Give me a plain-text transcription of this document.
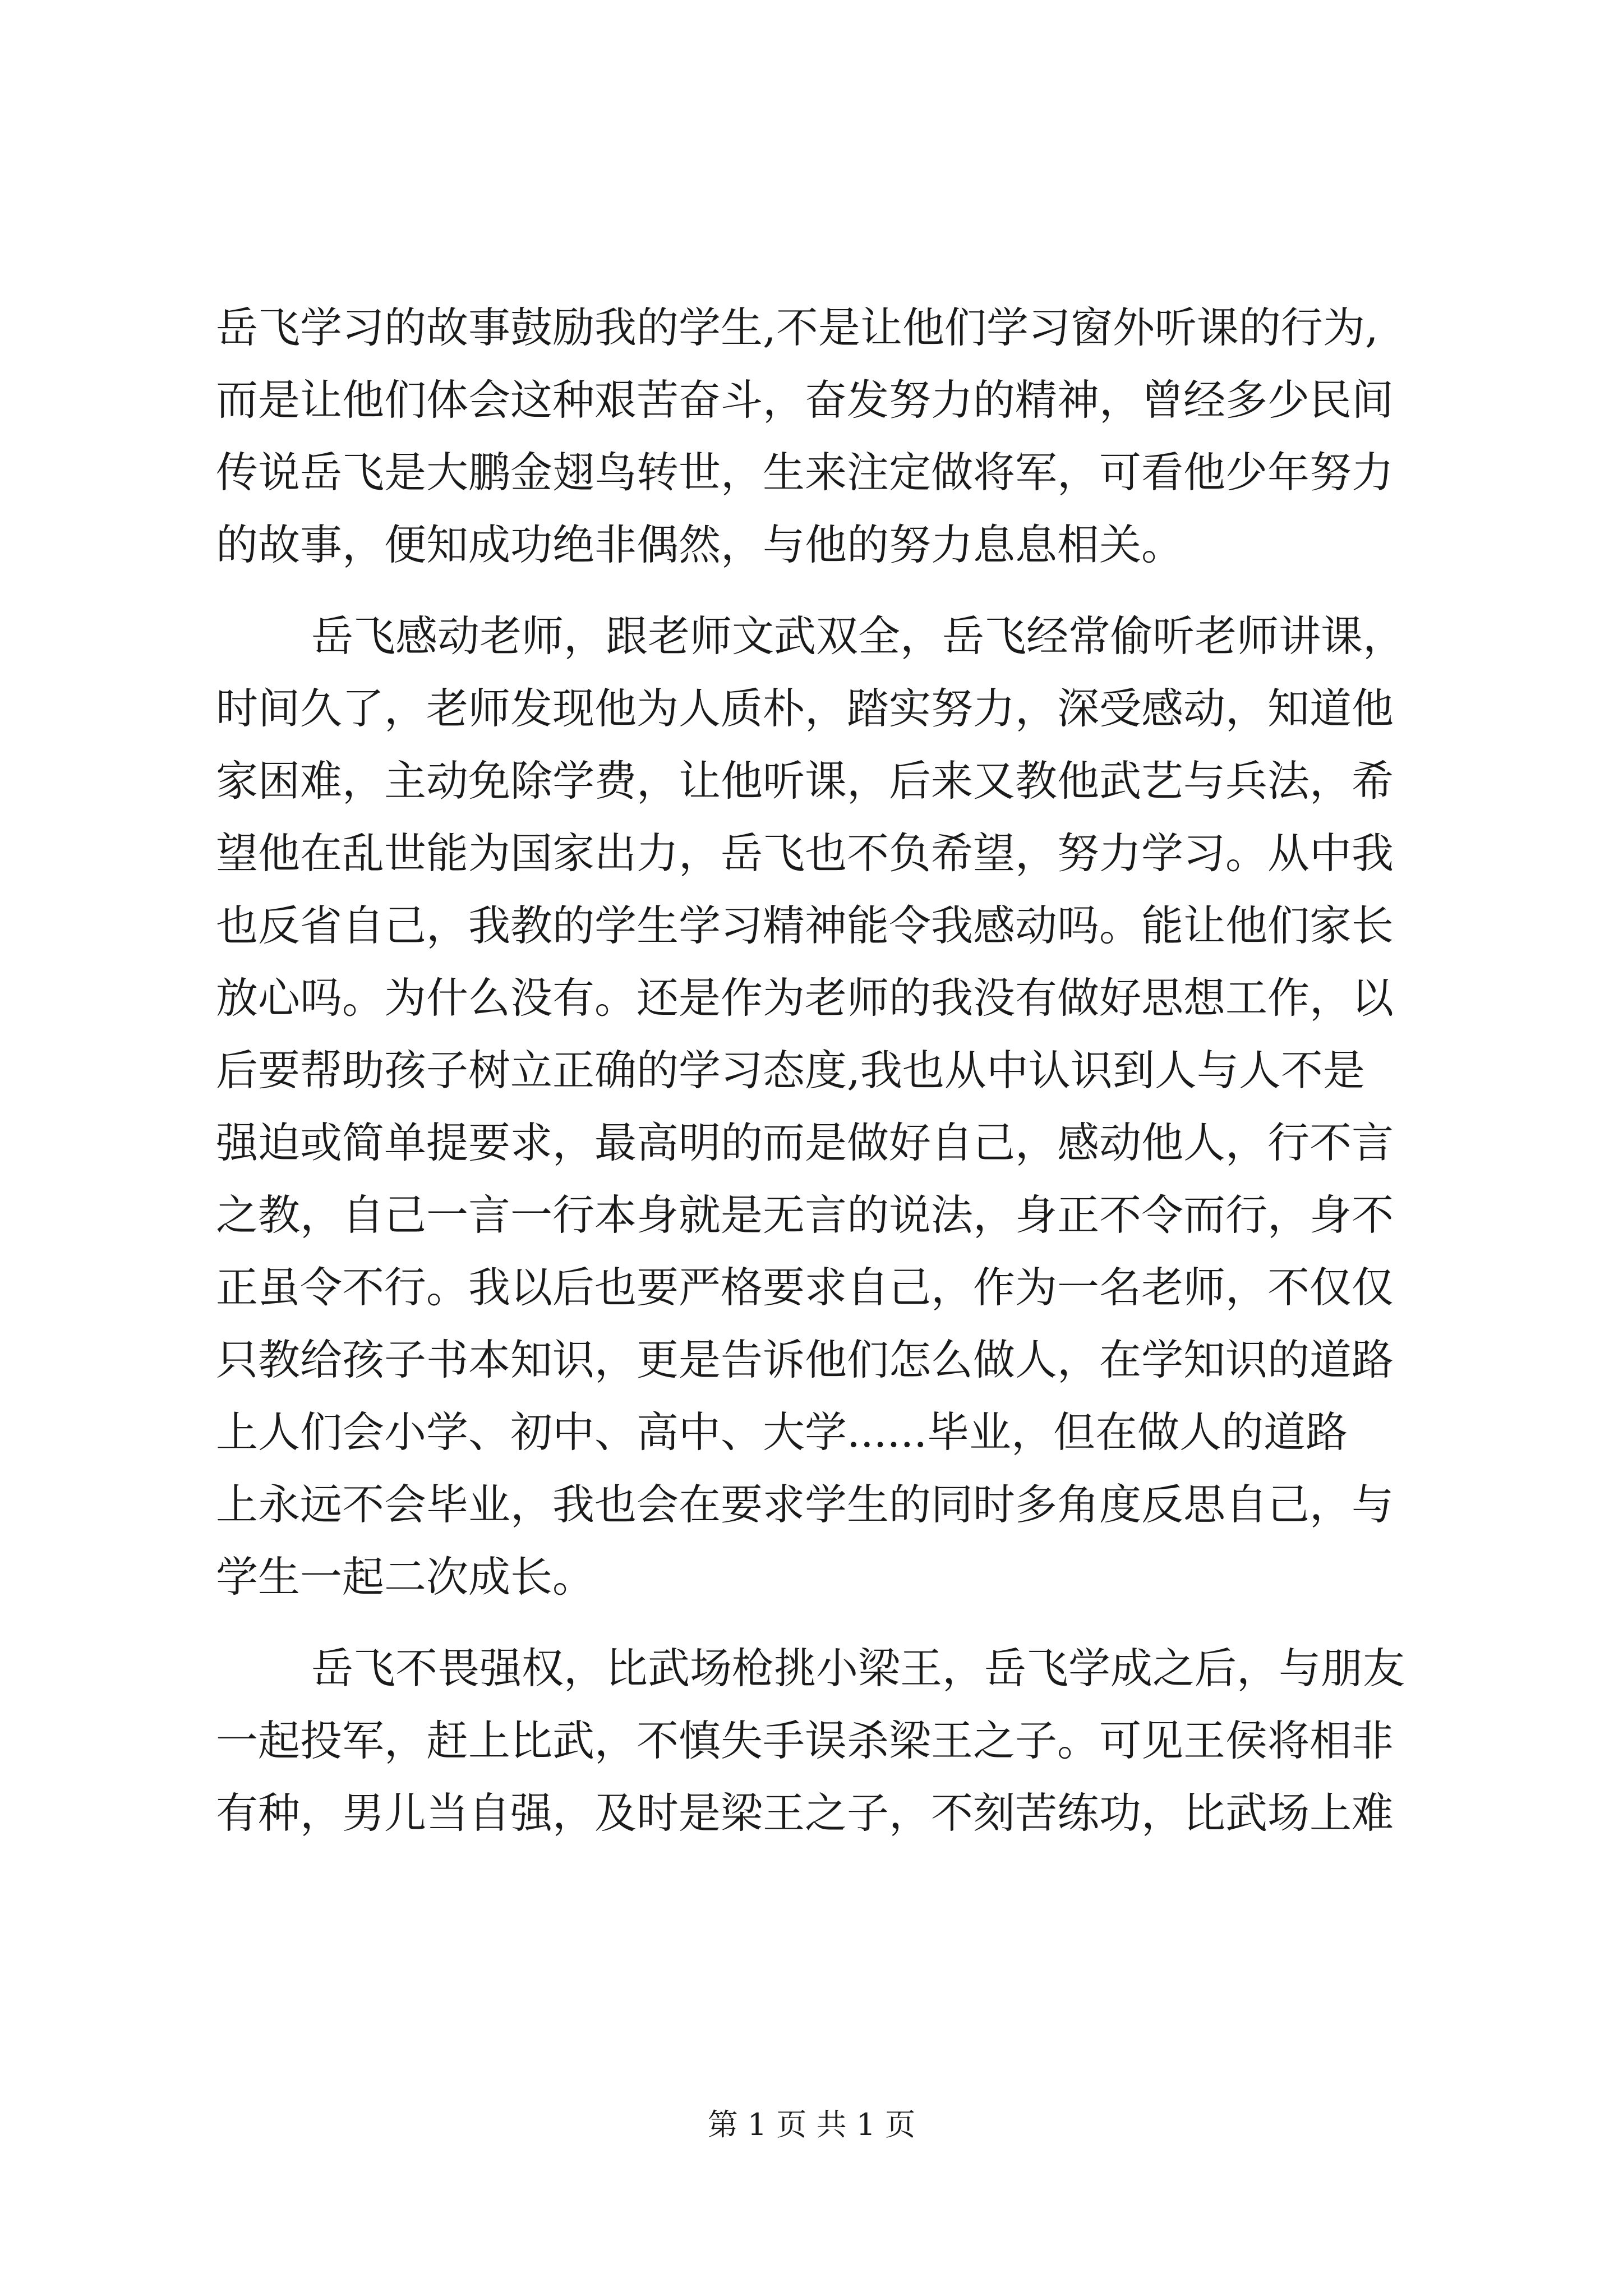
岳飞学习的故事鼓励我的学生,不是让他们学习窗外听课的行为,
而是让他们体会这种艰苦奋斗，奋发努力的精神，曾经多少民间
传说岳飞是大鹏金翅鸟转世，生来注定做将军，可看他少年努力
的故事，便知成功绝非偶然，与他的努力息息相关。
岳飞感动老师，跟老师文武双全，岳飞经常偷听老师讲课，
时间久了，老师发现他为人质朴，踏实努力，深受感动，知道他
家困难，主动免除学费，让他听课，后来又教他武艺与兵法，希
望他在乱世能为国家出力，岳飞也不负希望，努力学习。从中我
也反省自己，我教的学生学习精神能令我感动吗。能让他们家长
放心吗。为什么没有。还是作为老师的我没有做好思想工作，以
后要帮助孩子树立正确的学习态度,我也从中认识到人与人不是
强迫或简单提要求，最高明的而是做好自己，感动他人，行不言
之教，自己一言一行本身就是无言的说法，身正不令而行，身不
正虽令不行。我以后也要严格要求自己，作为一名老师，不仅仅
只教给孩子书本知识，更是告诉他们怎么做人，在学知识的道路
上人们会小学、初中、高中、大学......毕业，但在做人的道路
上永远不会毕业，我也会在要求学生的同时多角度反思自己，与
学生一起二次成长。
岳飞不畏强权，比武场枪挑小梁王，岳飞学成之后，与朋友
一起投军，赶上比武，不慎失手误杀梁王之子。可见王侯将相非
有种，男儿当自强，及时是梁王之子，不刻苦练功，比武场上难
第 1 页 共 1 页
